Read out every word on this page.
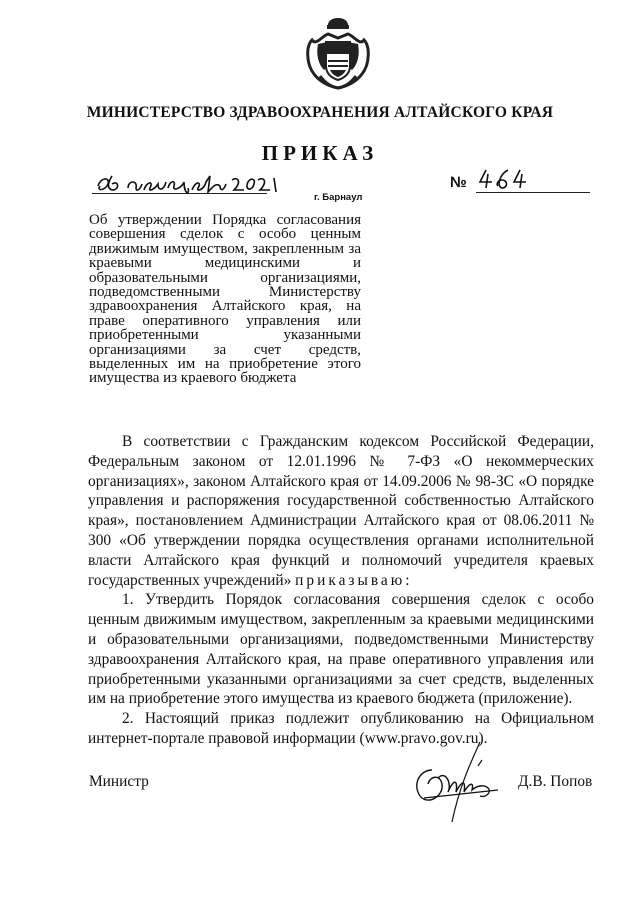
МИНИСТЕРСТВО ЗДРАВООХРАНЕНИЯ АЛТАЙСКОГО КРАЯ
ПРИКАЗ
г. Барнаул
№
Об утверждении Порядка согласования совершения сделок с особо ценным движимым имуществом, закрепленным за краевыми медицинскими и образовательными организациями, подведомственными Министерству здравоохранения Алтайского края, на праве оперативного управления или приобретенными указанными организациями за счет средств, выделенных им на приобретение этого имущества из краевого бюджета

В соответствии с Гражданским кодексом Российской Федерации, Федеральным законом от 12.01.1996 № 7-ФЗ «О некоммерческих организациях», законом Алтайского края от 14.09.2006 № 98-ЗС «О порядке управления и распоряжения государственной собственностью Алтайского края», постановлением Администрации Алтайского края от 08.06.2011 № 300 «Об утверждении порядка осуществления органами исполнительной власти Алтайского края функций и полномочий учредителя краевых государственных учреждений» приказываю:

1. Утвердить Порядок согласования совершения сделок с особо ценным движимым имуществом, закрепленным за краевыми медицинскими и образовательными организациями, подведомственными Министерству здравоохранения Алтайского края, на праве оперативного управления или приобретенными указанными организациями за счет средств, выделенных им на приобретение этого имущества из краевого бюджета (приложение).

2. Настоящий приказ подлежит опубликованию на Официальном интернет-портале правовой информации (www.pravo.gov.ru).

Министр	Д.В. Попов
